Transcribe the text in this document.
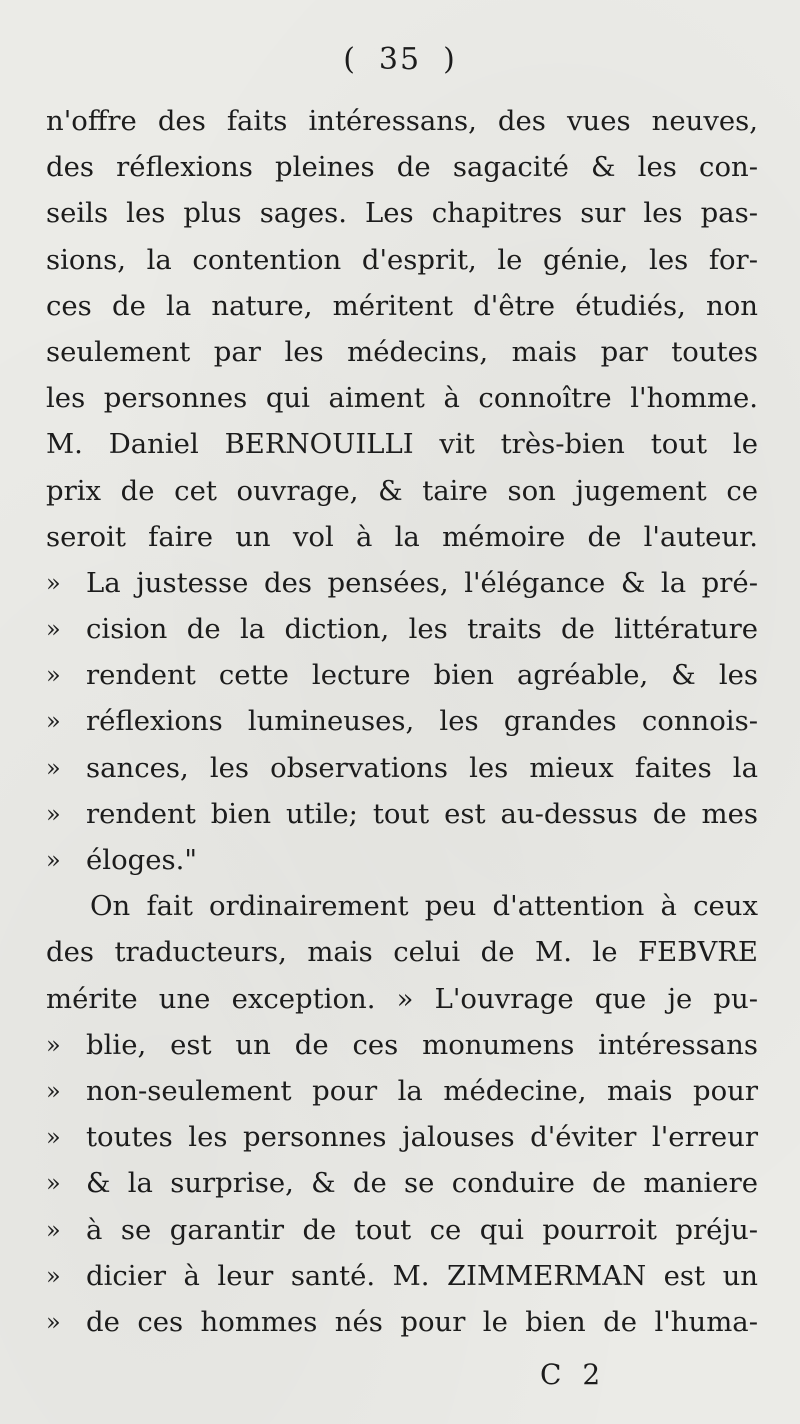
( 35 )
n'offre des faits intéressans, des vues neuves,
des réflexions pleines de sagacité & les con-
seils les plus sages. Les chapitres sur les pas-
sions, la contention d'esprit, le génie, les for-
ces de la nature, méritent d'être étudiés, non
seulement par les médecins, mais par toutes
les personnes qui aiment à connoître l'homme.
M. Daniel BERNOUILLI vit très-bien tout le
prix de cet ouvrage, & taire son jugement ce
seroit faire un vol à la mémoire de l'auteur.
» La justesse des pensées, l'élégance & la pré-
» cision de la diction, les traits de littérature
» rendent cette lecture bien agréable, & les
» réflexions lumineuses, les grandes connois-
» sances, les observations les mieux faites la
» rendent bien utile; tout est au-dessus de mes
» éloges."
On fait ordinairement peu d'attention à ceux
des traducteurs, mais celui de M. le FEBVRE
mérite une exception. » L'ouvrage que je pu-
» blie, est un de ces monumens intéressans
» non-seulement pour la médecine, mais pour
» toutes les personnes jalouses d'éviter l'erreur
» & la surprise, & de se conduire de maniere
» à se garantir de tout ce qui pourroit préju-
» dicier à leur santé. M. ZIMMERMAN est un
» de ces hommes nés pour le bien de l'huma-
C 2
